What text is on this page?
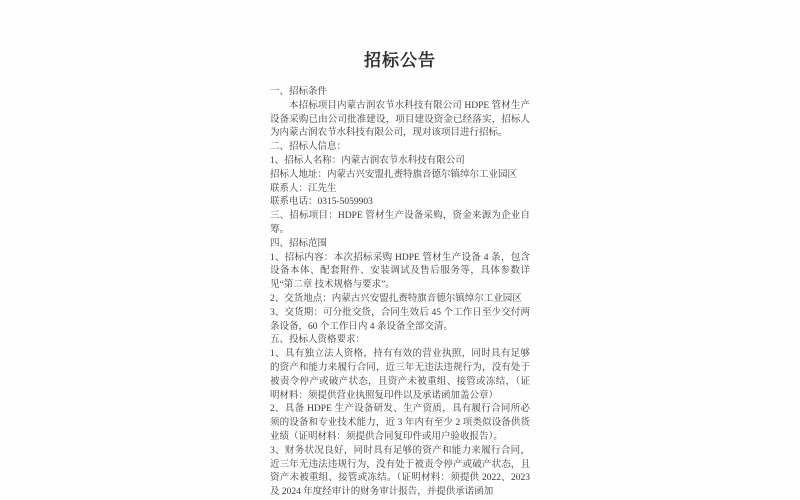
招标公告
一、招标条件
本招标项目内蒙古润农节水科技有限公司 HDPE 管材生产设备采购已由公司批准建设，项目建设资金已经落实，招标人为内蒙古润农节水科技有限公司，现对该项目进行招标。
二、招标人信息：
1、招标人名称：内蒙古润农节水科技有限公司
招标人地址：内蒙古兴安盟扎赉特旗音德尔镇绰尔工业园区
联系人：江先生
联系电话：0315-5059903
三、招标项目：HDPE 管材生产设备采购，资金来源为企业自筹。
四、招标范围
1、招标内容：本次招标采购 HDPE 管材生产设备 4 条，包含设备本体、配套附件、安装调试及售后服务等，具体参数详见“第二章 技术规格与要求”。
2、交货地点：内蒙古兴安盟扎赉特旗音德尔镇绰尔工业园区
3、交货期：可分批交货，合同生效后 45 个工作日至少交付两条设备，60 个工作日内 4 条设备全部交清。
五、投标人资格要求：
1、具有独立法人资格，持有有效的营业执照，同时具有足够的资产和能力来履行合同，近三年无违法违规行为，没有处于被责令停产或破产状态，且资产未被重组、接管或冻结，（证明材料：须提供营业执照复印件以及承诺函加盖公章）
2、具备 HDPE 生产设备研发、生产资质，具有履行合同所必须的设备和专业技术能力，近 3 年内有至少 2 项类似设备供货业绩（证明材料：须提供合同复印件或用户验收报告）。
3、财务状况良好，同时具有足够的资产和能力来履行合同，近三年无违法违规行为，没有处于被责令停产或破产状态，且资产未被重组、接管或冻结。（证明材料：须提供 2022、2023 及 2024 年度经审计的财务审计报告，并提供承诺函加
